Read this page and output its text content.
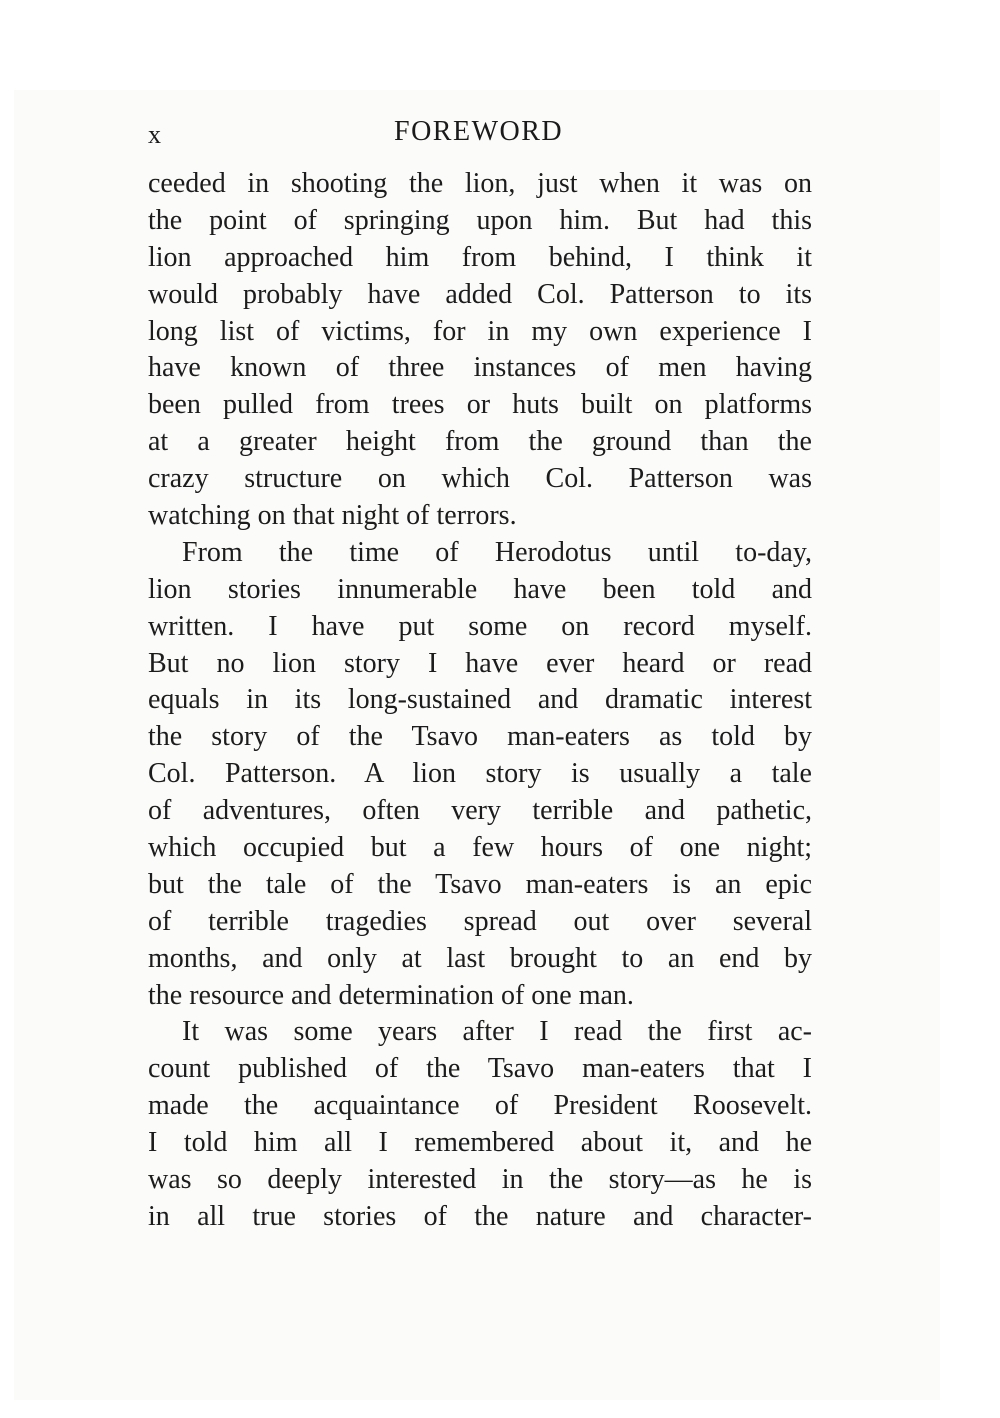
x	FOREWORD
ceeded in shooting the lion, just when it was on
the point of springing upon him. But had this
lion approached him from behind, I think it
would probably have added Col. Patterson to its
long list of victims, for in my own experience I
have known of three instances of men having
been pulled from trees or huts built on platforms
at a greater height from the ground than the
crazy structure on which Col. Patterson was
watching on that night of terrors.
From the time of Herodotus until to-day,
lion stories innumerable have been told and
written. I have put some on record myself.
But no lion story I have ever heard or read
equals in its long-sustained and dramatic interest
the story of the Tsavo man-eaters as told by
Col. Patterson. A lion story is usually a tale
of adventures, often very terrible and pathetic,
which occupied but a few hours of one night;
but the tale of the Tsavo man-eaters is an epic
of terrible tragedies spread out over several
months, and only at last brought to an end by
the resource and determination of one man.
It was some years after I read the first ac-
count published of the Tsavo man-eaters that I
made the acquaintance of President Roosevelt.
I told him all I remembered about it, and he
was so deeply interested in the story—as he is
in all true stories of the nature and character-
